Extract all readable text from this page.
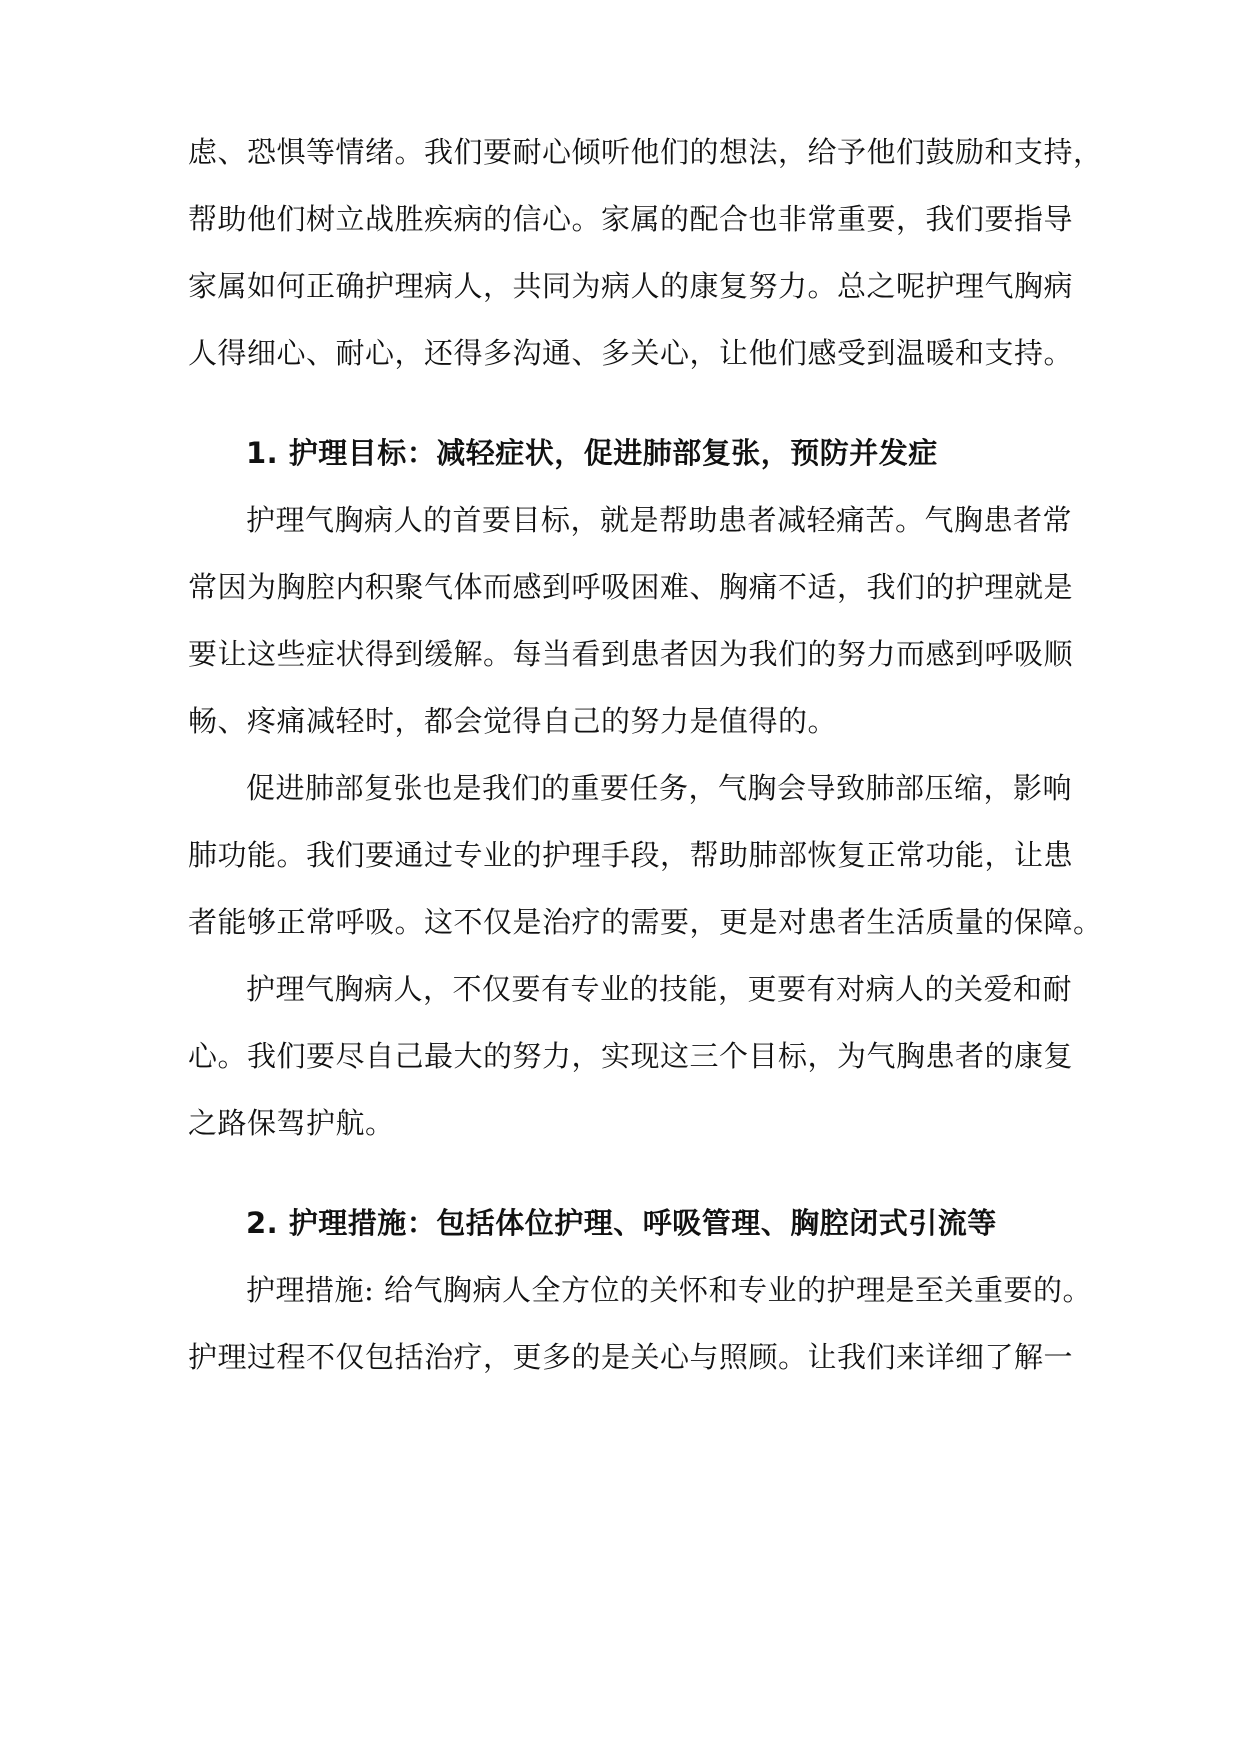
虑、恐惧等情绪。我们要耐心倾听他们的想法，给予他们鼓励和支持，
帮助他们树立战胜疾病的信心。家属的配合也非常重要，我们要指导
家属如何正确护理病人，共同为病人的康复努力。总之呢护理气胸病
人得细心、耐心，还得多沟通、多关心，让他们感受到温暖和支持。
1. 护理目标：减轻症状，促进肺部复张，预防并发症
护理气胸病人的首要目标，就是帮助患者减轻痛苦。气胸患者常
常因为胸腔内积聚气体而感到呼吸困难、胸痛不适，我们的护理就是
要让这些症状得到缓解。每当看到患者因为我们的努力而感到呼吸顺
畅、疼痛减轻时，都会觉得自己的努力是值得的。
促进肺部复张也是我们的重要任务，气胸会导致肺部压缩，影响
肺功能。我们要通过专业的护理手段，帮助肺部恢复正常功能，让患
者能够正常呼吸。这不仅是治疗的需要，更是对患者生活质量的保障。
护理气胸病人，不仅要有专业的技能，更要有对病人的关爱和耐
心。我们要尽自己最大的努力，实现这三个目标，为气胸患者的康复
之路保驾护航。
2. 护理措施：包括体位护理、呼吸管理、胸腔闭式引流等
护理措施: 给气胸病人全方位的关怀和专业的护理是至关重要的。
护理过程不仅包括治疗，更多的是关心与照顾。让我们来详细了解一
